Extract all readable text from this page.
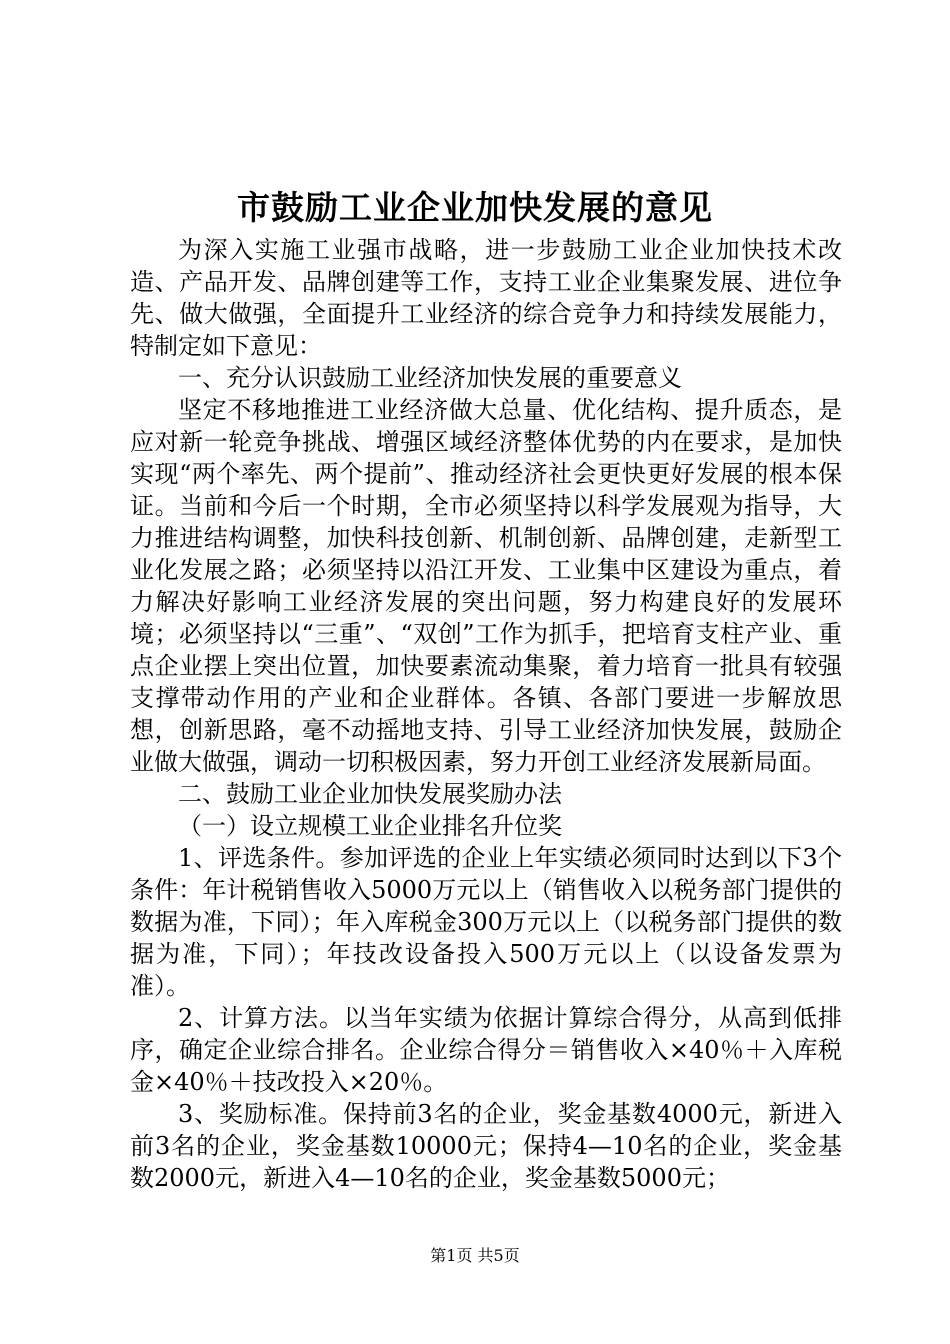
市鼓励工业企业加快发展的意见

为深入实施工业强市战略，进一步鼓励工业企业加快技术改造、产品开发、品牌创建等工作，支持工业企业集聚发展、进位争先、做大做强，全面提升工业经济的综合竞争力和持续发展能力，特制定如下意见：

一、充分认识鼓励工业经济加快发展的重要意义

坚定不移地推进工业经济做大总量、优化结构、提升质态，是应对新一轮竞争挑战、增强区域经济整体优势的内在要求，是加快实现“两个率先、两个提前”、推动经济社会更快更好发展的根本保证。当前和今后一个时期，全市必须坚持以科学发展观为指导，大力推进结构调整，加快科技创新、机制创新、品牌创建，走新型工业化发展之路；必须坚持以沿江开发、工业集中区建设为重点，着力解决好影响工业经济发展的突出问题，努力构建良好的发展环境；必须坚持以“三重”、“双创”工作为抓手，把培育支柱产业、重点企业摆上突出位置，加快要素流动集聚，着力培育一批具有较强支撑带动作用的产业和企业群体。各镇、各部门要进一步解放思想，创新思路，毫不动摇地支持、引导工业经济加快发展，鼓励企业做大做强，调动一切积极因素，努力开创工业经济发展新局面。

二、鼓励工业企业加快发展奖励办法

（一）设立规模工业企业排名升位奖

1、评选条件。参加评选的企业上年实绩必须同时达到以下3个条件：年计税销售收入5000万元以上（销售收入以税务部门提供的数据为准，下同）；年入库税金300万元以上（以税务部门提供的数据为准，下同）；年技改设备投入500万元以上（以设备发票为准）。

2、计算方法。以当年实绩为依据计算综合得分，从高到低排序，确定企业综合排名。企业综合得分＝销售收入×40％＋入库税金×40％＋技改投入×20％。

3、奖励标准。保持前3名的企业，奖金基数4000元，新进入前3名的企业，奖金基数10000元；保持4—10名的企业，奖金基数2000元，新进入4—10名的企业，奖金基数5000元；

第1页 共5页
